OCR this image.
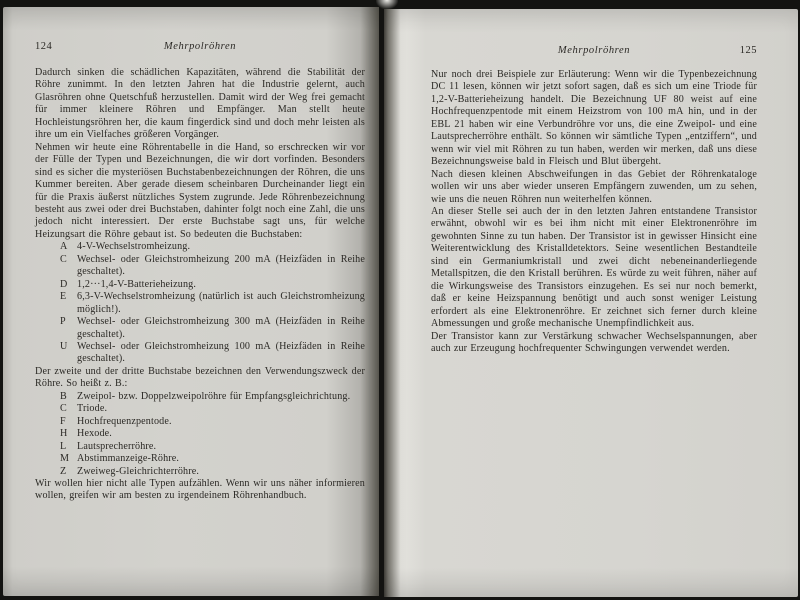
124	Mehrpolröhren

Dadurch sinken die schädlichen Kapazitäten, während die Stabilität der Röhre zunimmt. In den letzten Jahren hat die Industrie gelernt, auch Glasröhren ohne Quetschfuß herzustellen. Damit wird der Weg frei gemacht für immer kleinere Röhren und Empfänger. Man stellt heute Hochleistungsröhren her, die kaum fingerdick sind und doch mehr leisten als ihre um ein Vielfaches größeren Vorgänger.

Nehmen wir heute eine Röhrentabelle in die Hand, so erschrecken wir vor der Fülle der Typen und Bezeichnungen, die wir dort vorfinden. Besonders sind es sicher die mysteriösen Buchstabenbezeichnungen der Röhren, die uns Kummer bereiten. Aber gerade diesem scheinbaren Durcheinander liegt ein für die Praxis äußerst nützliches System zugrunde. Jede Röhrenbezeichnung besteht aus zwei oder drei Buchstaben, dahinter folgt noch eine Zahl, die uns jedoch nicht interessiert. Der erste Buchstabe sagt uns, für welche Heizungsart die Röhre gebaut ist. So bedeuten die Buchstaben:

A 4-V-Wechselstromheizung.
C	Wechsel- oder Gleichstromheizung 200 mA (Heizfäden in Reihe geschaltet).
D 1,2···1,4-V-Batterieheizung.
E	6,3-V-Wechselstromheizung (natürlich ist auch Gleichstromheizung möglich!).
P	Wechsel- oder Gleichstromheizung 300 mA (Heizfäden in Reihe geschaltet).
U Wechsel- oder Gleichstromheizung 100 mA (Heizfäden in Reihe geschaltet).

Der zweite und der dritte Buchstabe bezeichnen den Verwendungszweck der Röhre. So heißt z. B.:

B	Zweipol- bzw. Doppelzweipolröhre für Empfangsgleichrichtung.
C	Triode.
F	Hochfrequenzpentode.
H Hexode.
L	Lautsprecherröhre.
M Abstimmanzeige-Röhre.
Z	Zweiweg-Gleichrichterröhre.

Wir wollen hier nicht alle Typen aufzählen. Wenn wir uns näher informieren wollen, greifen wir am besten zu irgendeinem Röhrenhandbuch.

Mehrpolröhren	125

Nur noch drei Beispiele zur Erläuterung: Wenn wir die Typenbezeichnung DC 11 lesen, können wir jetzt sofort sagen, daß es sich um eine Triode für 1,2-V-Batterieheizung handelt. Die Bezeichnung UF 80 weist auf eine Hochfrequenzpentode mit einem Heizstrom von 100 mA hin, und in der EBL 21 haben wir eine Verbundröhre vor uns, die eine Zweipol- und eine Lautsprecherröhre enthält. So können wir sämtliche Typen „entziffern“, und wenn wir viel mit Röhren zu tun haben, werden wir merken, daß uns diese Bezeichnungsweise bald in Fleisch und Blut übergeht.

Nach diesen kleinen Abschweifungen in das Gebiet der Röhrenkataloge wollen wir uns aber wieder unseren Empfängern zuwenden, um zu sehen, wie uns die neuen Röhren nun weiterhelfen können.

An dieser Stelle sei auch der in den letzten Jahren entstandene Transistor erwähnt, obwohl wir es bei ihm nicht mit einer Elektronenröhre im gewohnten Sinne zu tun haben. Der Transistor ist in gewisser Hinsicht eine Weiterentwicklung des Kristalldetektors. Seine wesentlichen Bestandteile sind ein Germaniumkristall und zwei dicht nebeneinanderliegende Metallspitzen, die den Kristall berühren. Es würde zu weit führen, näher auf die Wirkungsweise des Transistors einzugehen. Es sei nur noch bemerkt, daß er keine Heizspannung benötigt und auch sonst weniger Leistung erfordert als eine Elektronenröhre. Er zeichnet sich ferner durch kleine Abmessungen und große mechanische Unempfindlichkeit aus.

Der Transistor kann zur Verstärkung schwacher Wechselspannungen, aber auch zur Erzeugung hochfrequenter Schwingungen verwendet werden.
